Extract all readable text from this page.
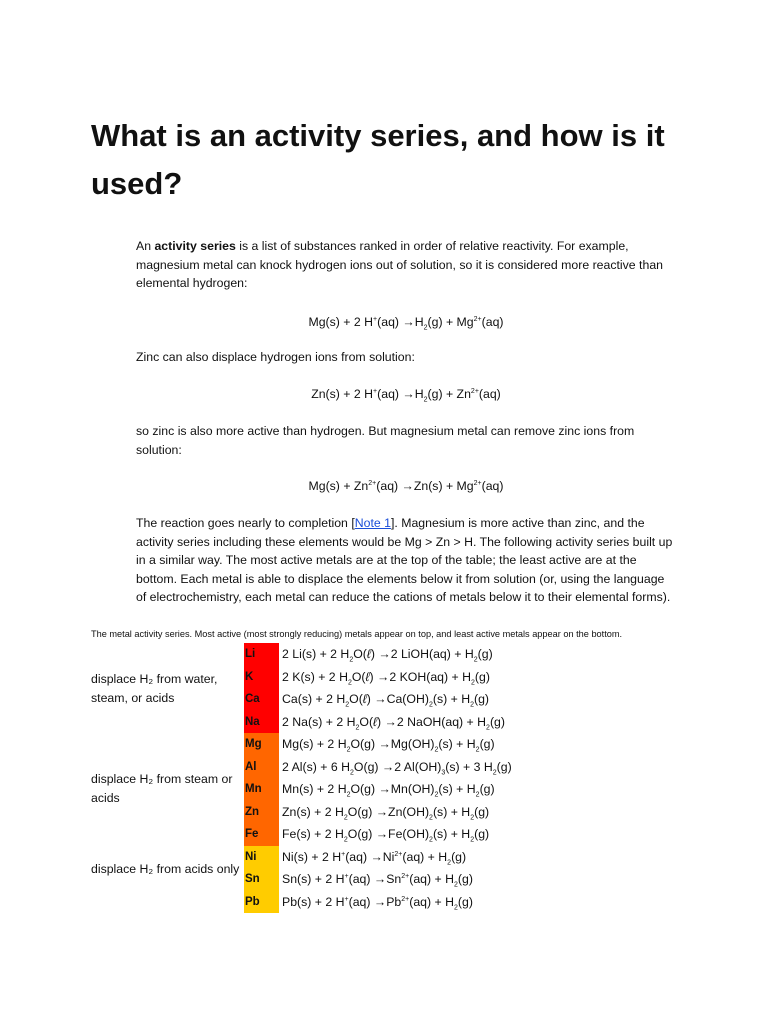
What is an activity series, and how is it used?

An activity series is a list of substances ranked in order of relative reactivity. For example, magnesium metal can knock hydrogen ions out of solution, so it is considered more reactive than elemental hydrogen:

Mg(s) + 2 $H^+(aq) \to H_2(g) + Mg^{2+}(aq)$

Zinc can also displace hydrogen ions from solution:

Zn(s) + 2 $H^+(aq) \to H_2(g) + Zn^{2+}(aq)$

so zinc is also more active than hydrogen. But magnesium metal can remove zinc ions from solution:

$Mg(s) + Zn^{2+}(aq) \to Zn(s) + Mg^{2+}(aq)$

The reaction goes nearly to completion [Note 1]. Magnesium is more active than zinc, and the activity series including these elements would be Mg > Zn > H. The following activity series built up in a similar way. The most active metals are at the top of the table; the least active are at the bottom. Each metal is able to displace the elements below it from solution (or, using the language of electrochemistry, each metal can reduce the cations of metals below it to their elemental forms).

The metal activity series. Most active (most strongly reducing) metals appear on top, and least active metals appear on the bottom.

displace H₂ from water, steam, or acids
displace H₂ from steam or acids
displace H₂ from acids only
Li
K
Ca
Na
Mg
Al
Mn
Zn
Fe
Ni
Sn
Pb
2 Li(s) + 2 $H_2O(\ell) \to 2$ LiOH(aq) + $H_2(g)$
2 K(s) + 2 $H_2O(\ell) \to 2$ $KOH(aq) + H_2(g)$
Ca(s) + 2 $H_2O(\ell) \to Ca(OH)_2(s) + H_2(g)$
2 Na(s) + 2 $H_2O(\ell) \to 2$ NaOH(aq) + $H_2(g)$
Mg(s) + 2 $H_2O(g) \to Mg(OH)_2(s) + H_2(g)$
2 Al(s) + 6 $H_2O(g) \to 2$ $Al(OH)_3(s) + 3$ $H_2(g)$
Mn(s) + 2 $H_2O(g) \to Mn(OH)_2(s) + H_2(g)$
Zn(s) + 2 $H_2O(g) \to Zn(OH)_2(s) + H_2(g)$
Fe(s) + 2 $H_2O(g) \to Fe(OH)_2(s) + H_2(g)$
Ni(s) + 2 $H^+(aq) \to Ni^{2+}(aq) + H_2(g)$
Sn(s) + 2 $H^+(aq) \to Sn^{2+}(aq) + H_2(g)$
Pb(s) + 2 $H^+(aq) \to Pb^{2+}(aq) + H_2(g)$
